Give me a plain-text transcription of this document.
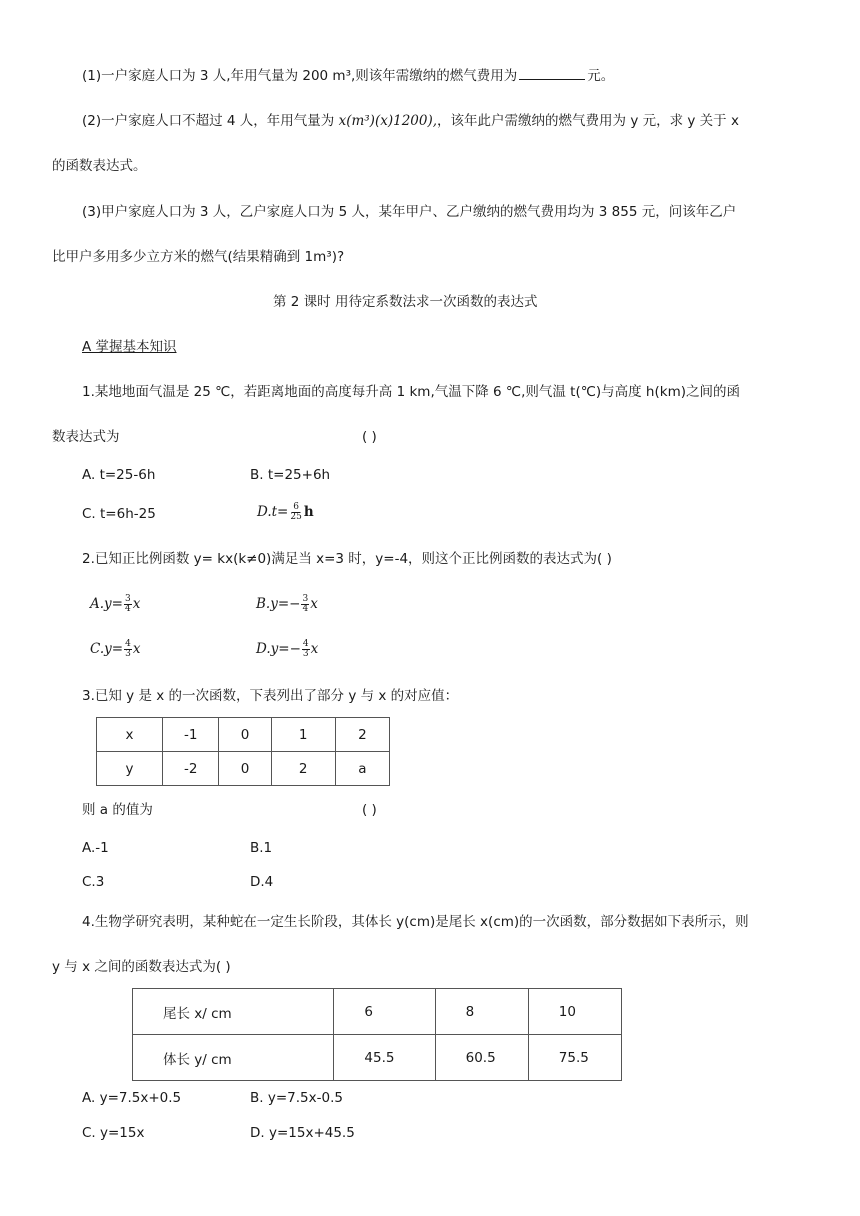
(1)一户家庭人口为 3 人,年用气量为 200 m³,则该年需缴纳的燃气费用为	元。
(2)一户家庭人口不超过 4 人，年用气量为 x(m³)(x)1200),，该年此户需缴纳的燃气费用为 y 元，求 y 关于 x
的函数表达式。
(3)甲户家庭人口为 3 人，乙户家庭人口为 5 人，某年甲户、乙户缴纳的燃气费用均为 3 855 元，问该年乙户
比甲户多用多少立方米的燃气(结果精确到 1m³)?
第 2 课时 用待定系数法求一次函数的表达式
A 掌握基本知识
1.某地地面气温是 25 ℃，若距离地面的高度每升高 1 km,气温下降 6 ℃,则气温 t(℃)与高度 h(km)之间的函
数表达式为	( )
A. t=25-6h	B. t=25+6h
C. t=6h-25	$D.t= \frac{6}{25}$ h
2.已知正比例函数 y= kx(k≠0)满足当 x=3 时，y=-4，则这个正比例函数的表达式为( )
$A.y= \frac{3}{4}$ x	$B.y=- \frac{3}{4}$ x
$C.y= \frac{4}{3}$ x	$D.y=- \frac{4}{3}$ x
3.已知 y 是 x 的一次函数，下表列出了部分 y 与 x 的对应值：
x	-1	0	1	2
y	-2	0	2	a
则 a 的值为	( )
A.-1	B.1
C.3	D.4
4.生物学研究表明，某种蛇在一定生长阶段，其体长 y(cm)是尾长 x(cm)的一次函数，部分数据如下表所示，则
y 与 x 之间的函数表达式为( )
尾长 x/ cm	6	8	10
体长 y/ cm	45.5	60.5	75.5
A. y=7.5x+0.5	B. y=7.5x-0.5
C. y=15x	D. y=15x+45.5
